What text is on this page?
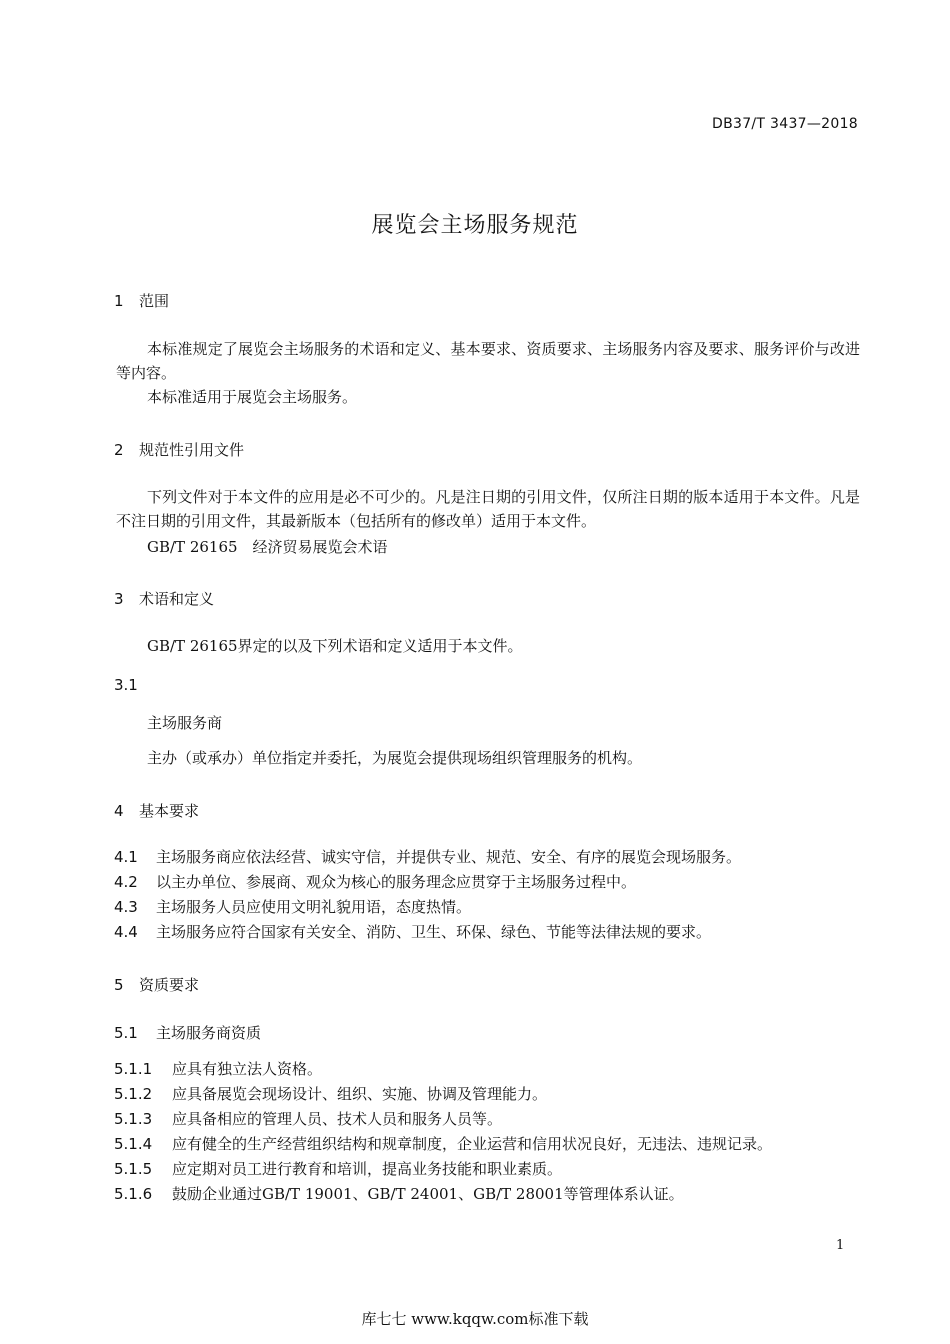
DB37/T 3437—2018
展览会主场服务规范
1 范围
本标准规定了展览会主场服务的术语和定义、基本要求、资质要求、主场服务内容及要求、服务评价与改进等内容。
本标准适用于展览会主场服务。
2 规范性引用文件
下列文件对于本文件的应用是必不可少的。凡是注日期的引用文件，仅所注日期的版本适用于本文件。凡是不注日期的引用文件，其最新版本（包括所有的修改单）适用于本文件。
GB/T 26165　经济贸易展览会术语
3 术语和定义
GB/T 26165界定的以及下列术语和定义适用于本文件。
3.1
主场服务商
主办（或承办）单位指定并委托，为展览会提供现场组织管理服务的机构。
4 基本要求
4.1 主场服务商应依法经营、诚实守信，并提供专业、规范、安全、有序的展览会现场服务。
4.2 以主办单位、参展商、观众为核心的服务理念应贯穿于主场服务过程中。
4.3 主场服务人员应使用文明礼貌用语，态度热情。
4.4 主场服务应符合国家有关安全、消防、卫生、环保、绿色、节能等法律法规的要求。
5 资质要求
5.1 主场服务商资质
5.1.1 应具有独立法人资格。
5.1.2 应具备展览会现场设计、组织、实施、协调及管理能力。
5.1.3 应具备相应的管理人员、技术人员和服务人员等。
5.1.4 应有健全的生产经营组织结构和规章制度，企业运营和信用状况良好，无违法、违规记录。
5.1.5 应定期对员工进行教育和培训，提高业务技能和职业素质。
5.1.6 鼓励企业通过GB/T 19001、GB/T 24001、GB/T 28001等管理体系认证。
1
库七七 www.kqqw.com标准下载
